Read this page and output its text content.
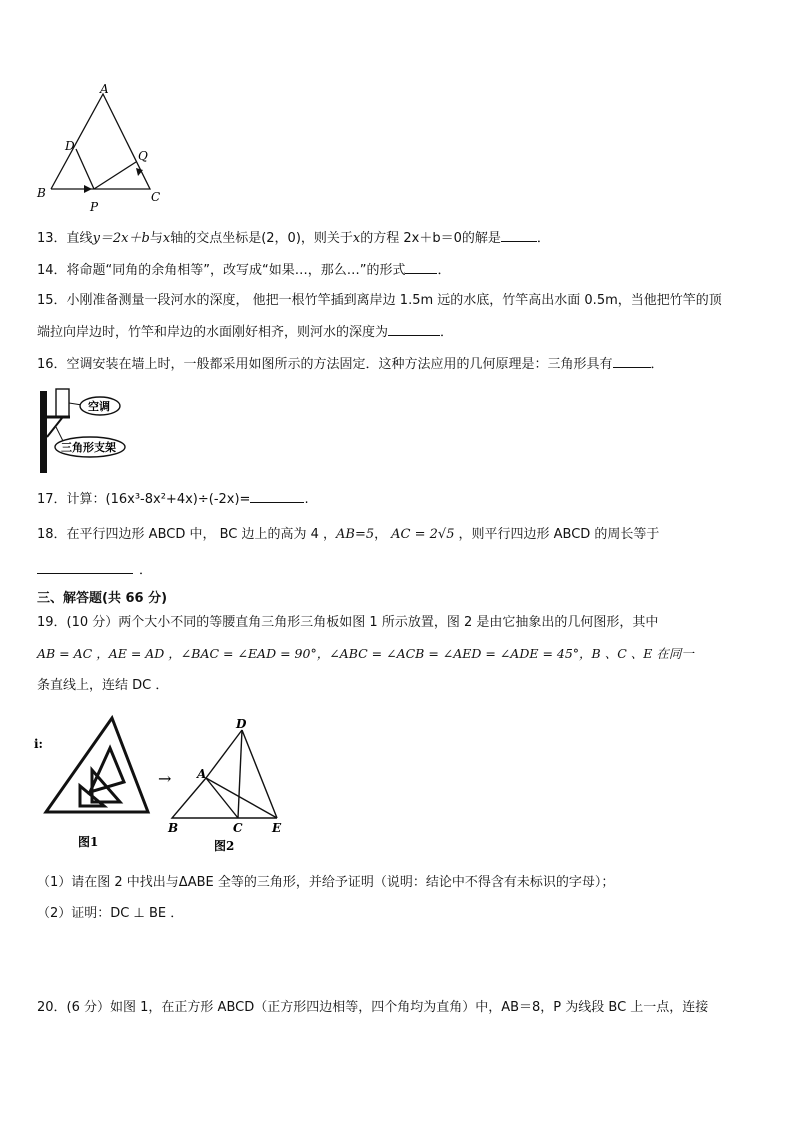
A
D
Q
B
P
C
13．直线y＝2x＋b与x轴的交点坐标是(2，0)，则关于x的方程 2x＋b＝0的解是	．
14．将命题“同角的余角相等”，改写成“如果…，那么…”的形式 ．
15．小刚准备测量一段河水的深度， 他把一根竹竿插到离岸边 1.5m 远的水底，竹竿高出水面 0.5m，当他把竹竿的顶
端拉向岸边时，竹竿和岸边的水面刚好相齐，则河水的深度为	．
16．空调安装在墙上时，一般都采用如图所示的方法固定．这种方法应用的几何原理是：三角形具有	．
空调
三角形支架
17．计算：(16x³-8x²+4x)÷(-2x)=	.
18．在平行四边形 ABCD 中， BC 边上的高为 4 ，AB=5， AC = 2√5 ，则平行四边形 ABCD 的周长等于
．
三、解答题(共 66 分)
19．(10 分）两个大小不同的等腰直角三角形三角板如图 1 所示放置，图 2 是由它抽象出的几何图形，其中
AB = AC ，AE = AD ，∠BAC = ∠EAD = 90°，∠ABC = ∠ACB = ∠AED = ∠ADE = 45°，B 、C 、E 在同一
条直线上，连结 DC ．
i:
→
图1
D
A
B	C E
图2
（1）请在图 2 中找出与ΔABE 全等的三角形，并给予证明（说明：结论中不得含有未标识的字母）；
（2）证明：DC ⊥ BE ．
20．(6 分）如图 1，在正方形 ABCD（正方形四边相等，四个角均为直角）中，AB＝8，P 为线段 BC 上一点，连接
